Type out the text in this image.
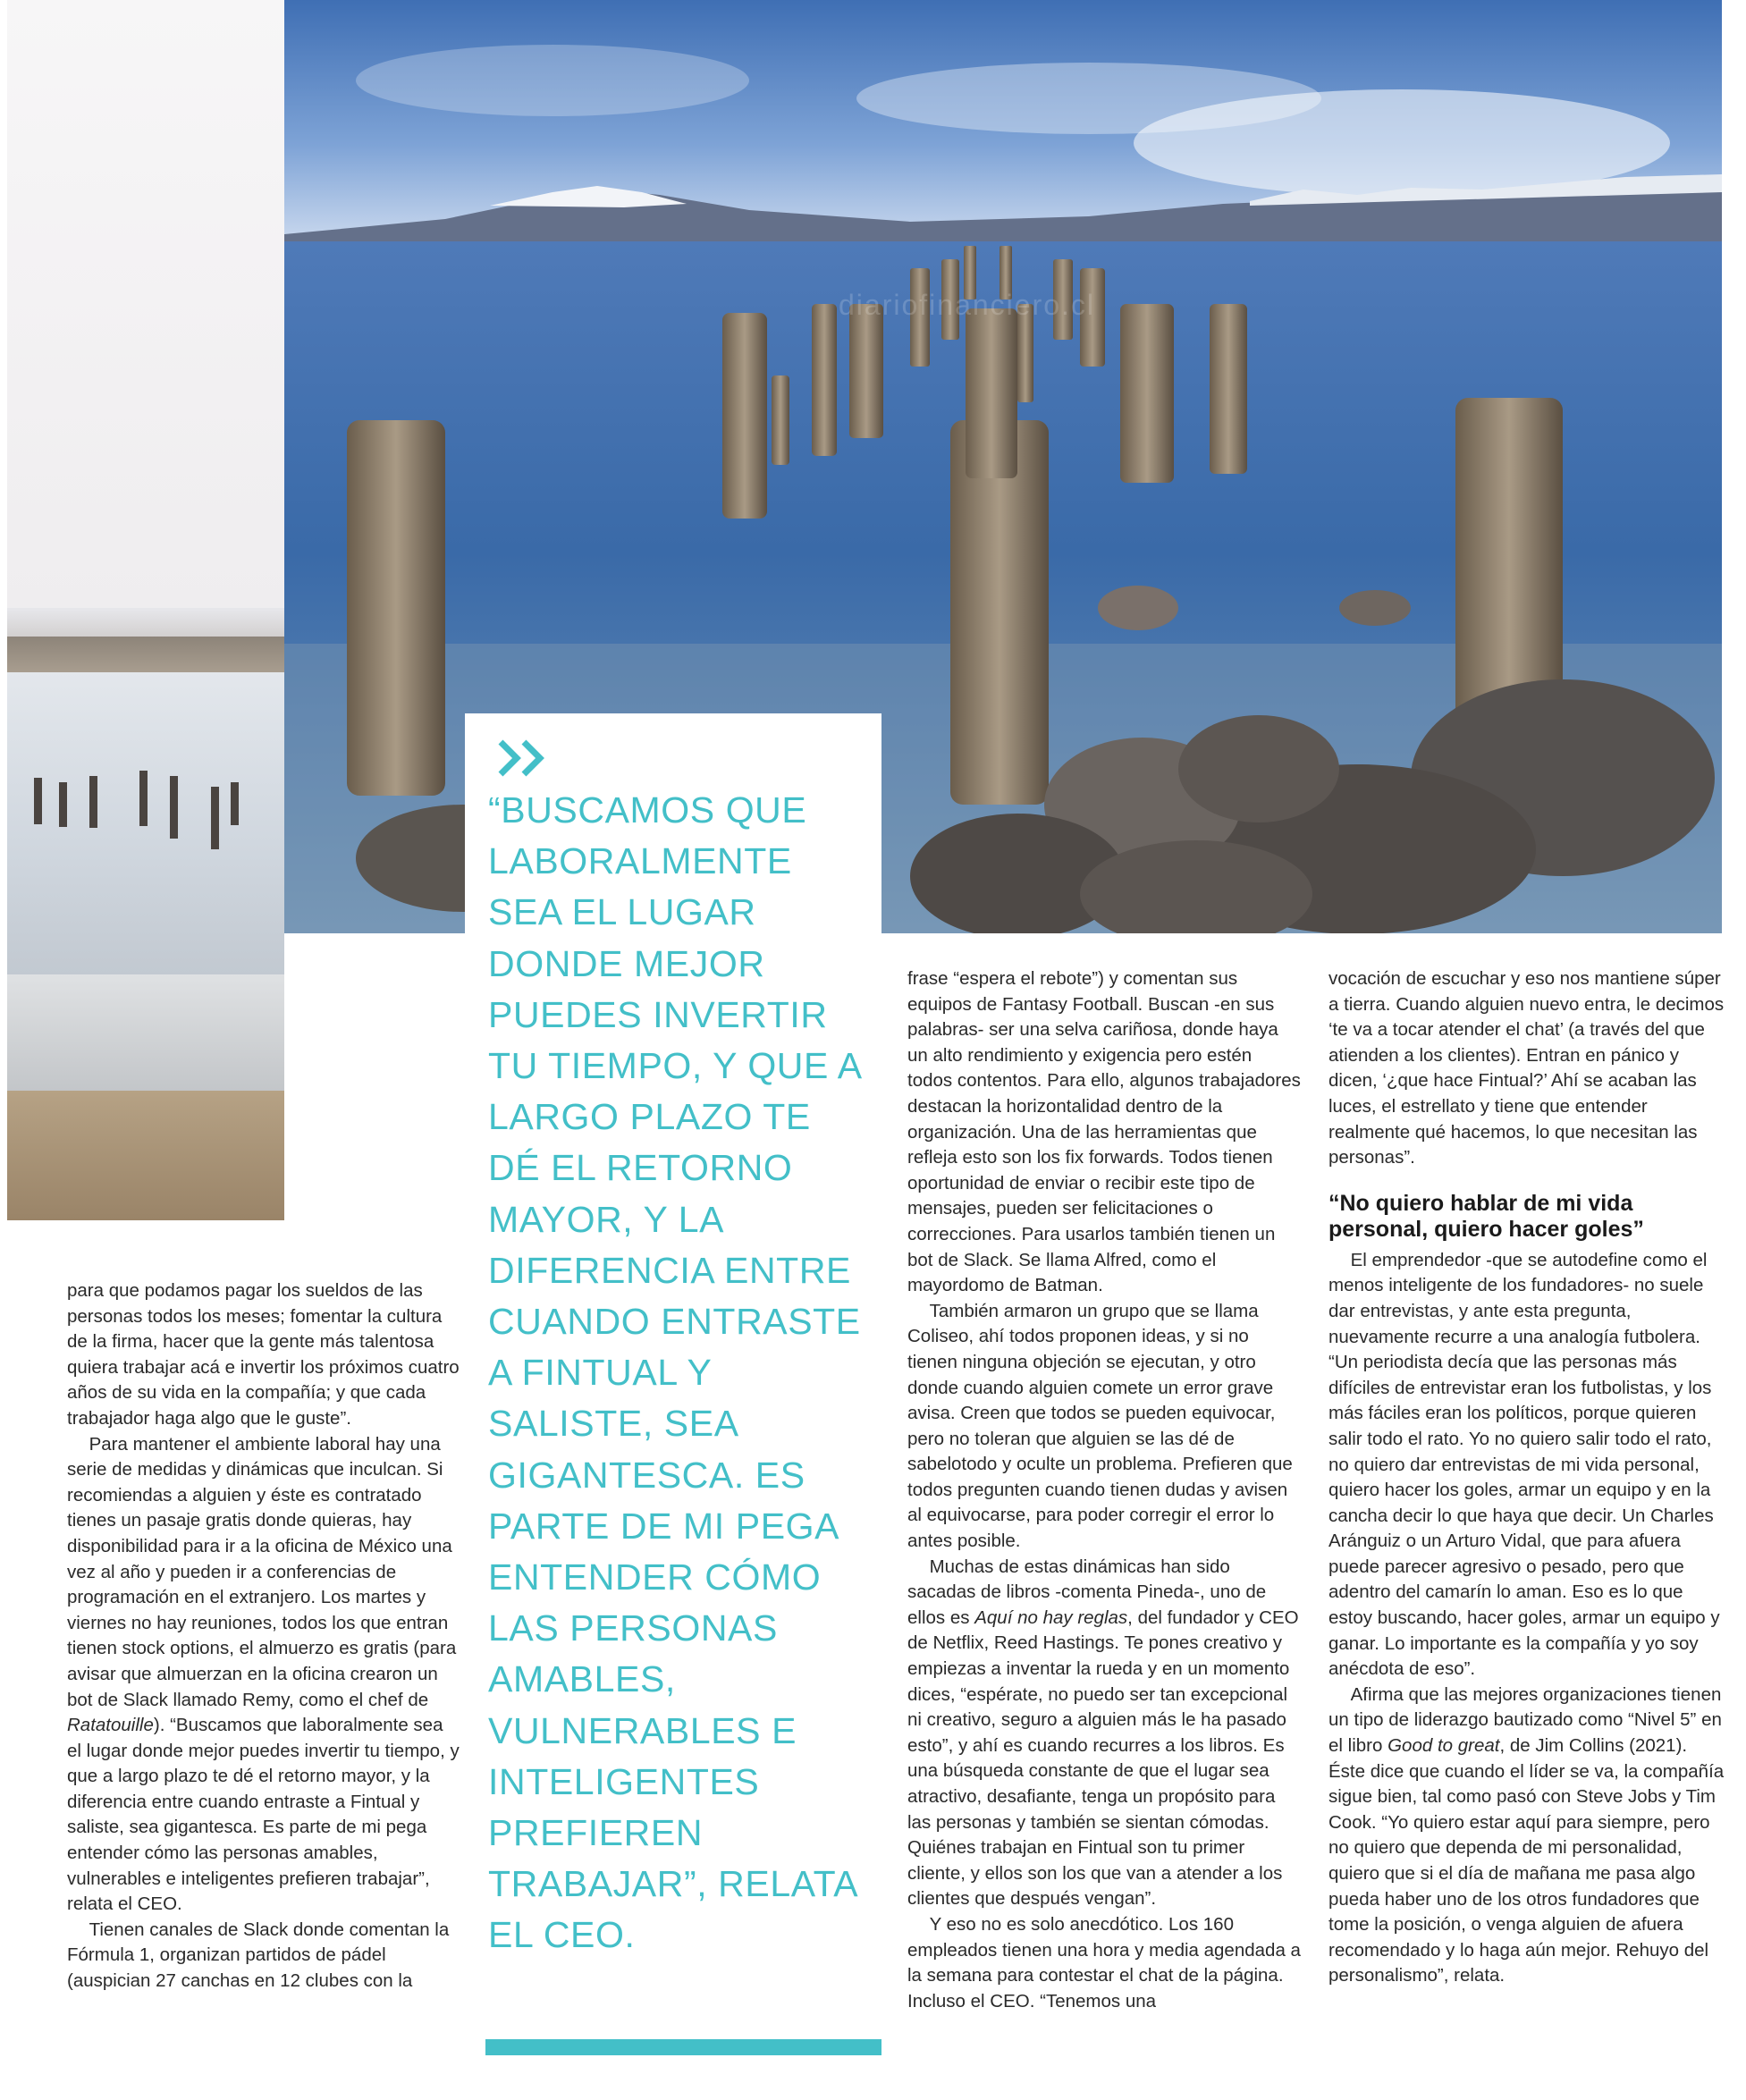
diariofinanciero.cl

“BUSCAMOS QUE LABORALMENTE SEA EL LUGAR DONDE MEJOR PUEDES INVERTIR TU TIEMPO, Y QUE A LARGO PLAZO TE DÉ EL RETORNO MAYOR, Y LA DIFERENCIA ENTRE CUANDO ENTRASTE A FINTUAL Y SALISTE, SEA GIGANTESCA. ES PARTE DE MI PEGA ENTENDER CÓMO LAS PERSONAS AMABLES, VULNERABLES E INTELIGENTES PREFIEREN TRABAJAR”, RELATA EL CEO.

para que podamos pagar los sueldos de las personas todos los meses; fomentar la cultura de la firma, hacer que la gente más talentosa quiera trabajar acá e invertir los próximos cuatro años de su vida en la compañía; y que cada trabajador haga algo que le guste”.

Para mantener el ambiente laboral hay una serie de medidas y dinámicas que inculcan. Si recomiendas a alguien y éste es contratado tienes un pasaje gratis donde quieras, hay disponibilidad para ir a la oficina de México una vez al año y pueden ir a conferencias de programación en el extranjero. Los martes y viernes no hay reuniones, todos los que entran tienen stock options, el almuerzo es gratis (para avisar que almuerzan en la oficina crearon un bot de Slack llamado Remy, como el chef de Ratatouille). “Buscamos que laboralmente sea el lugar donde mejor puedes invertir tu tiempo, y que a largo plazo te dé el retorno mayor, y la diferencia entre cuando entraste a Fintual y saliste, sea gigantesca. Es parte de mi pega entender cómo las personas amables, vulnerables e inteligentes prefieren trabajar”, relata el CEO.

Tienen canales de Slack donde comentan la Fórmula 1, organizan partidos de pádel (auspician 27 canchas en 12 clubes con la

frase “espera el rebote”) y comentan sus equipos de Fantasy Football. Buscan -en sus palabras- ser una selva cariñosa, donde haya un alto rendimiento y exigencia pero estén todos contentos. Para ello, algunos trabajadores destacan la horizontalidad dentro de la organización. Una de las herramientas que refleja esto son los fix forwards. Todos tienen oportunidad de enviar o recibir este tipo de mensajes, pueden ser felicitaciones o correcciones. Para usarlos también tienen un bot de Slack. Se llama Alfred, como el mayordomo de Batman.

También armaron un grupo que se llama Coliseo, ahí todos proponen ideas, y si no tienen ninguna objeción se ejecutan, y otro donde cuando alguien comete un error grave avisa. Creen que todos se pueden equivocar, pero no toleran que alguien se las dé de sabelotodo y oculte un problema. Prefieren que todos pregunten cuando tienen dudas y avisen al equivocarse, para poder corregir el error lo antes posible.

Muchas de estas dinámicas han sido sacadas de libros -comenta Pineda-, uno de ellos es Aquí no hay reglas, del fundador y CEO de Netflix, Reed Hastings. Te pones creativo y empiezas a inventar la rueda y en un momento dices, “espérate, no puedo ser tan excepcional ni creativo, seguro a alguien más le ha pasado esto”, y ahí es cuando recurres a los libros. Es una búsqueda constante de que el lugar sea atractivo, desafiante, tenga un propósito para las personas y también se sientan cómodas. Quiénes trabajan en Fintual son tu primer cliente, y ellos son los que van a atender a los clientes que después vengan”.

Y eso no es solo anecdótico. Los 160 empleados tienen una hora y media agendada a la semana para contestar el chat de la página. Incluso el CEO. “Tenemos una

vocación de escuchar y eso nos mantiene súper a tierra. Cuando alguien nuevo entra, le decimos ‘te va a tocar atender el chat’ (a través del que atienden a los clientes). Entran en pánico y dicen, ‘¿que hace Fintual?’ Ahí se acaban las luces, el estrellato y tiene que entender realmente qué hacemos, lo que necesitan las personas”.

“No quiero hablar de mi vida personal, quiero hacer goles”

El emprendedor -que se autodefine como el menos inteligente de los fundadores- no suele dar entrevistas, y ante esta pregunta, nuevamente recurre a una analogía futbolera. “Un periodista decía que las personas más difíciles de entrevistar eran los futbolistas, y los más fáciles eran los políticos, porque quieren salir todo el rato. Yo no quiero salir todo el rato, no quiero dar entrevistas de mi vida personal, quiero hacer los goles, armar un equipo y en la cancha decir lo que haya que decir. Un Charles Aránguiz o un Arturo Vidal, que para afuera puede parecer agresivo o pesado, pero que adentro del camarín lo aman. Eso es lo que estoy buscando, hacer goles, armar un equipo y ganar. Lo importante es la compañía y yo soy anécdota de eso”.

Afirma que las mejores organizaciones tienen un tipo de liderazgo bautizado como “Nivel 5” en el libro Good to great, de Jim Collins (2021). Éste dice que cuando el líder se va, la compañía sigue bien, tal como pasó con Steve Jobs y Tim Cook. “Yo quiero estar aquí para siempre, pero no quiero que dependa de mi personalidad, quiero que si el día de mañana me pasa algo pueda haber uno de los otros fundadores que tome la posición, o venga alguien de afuera recomendado y lo haga aún mejor. Rehuyo del personalismo”, relata.
